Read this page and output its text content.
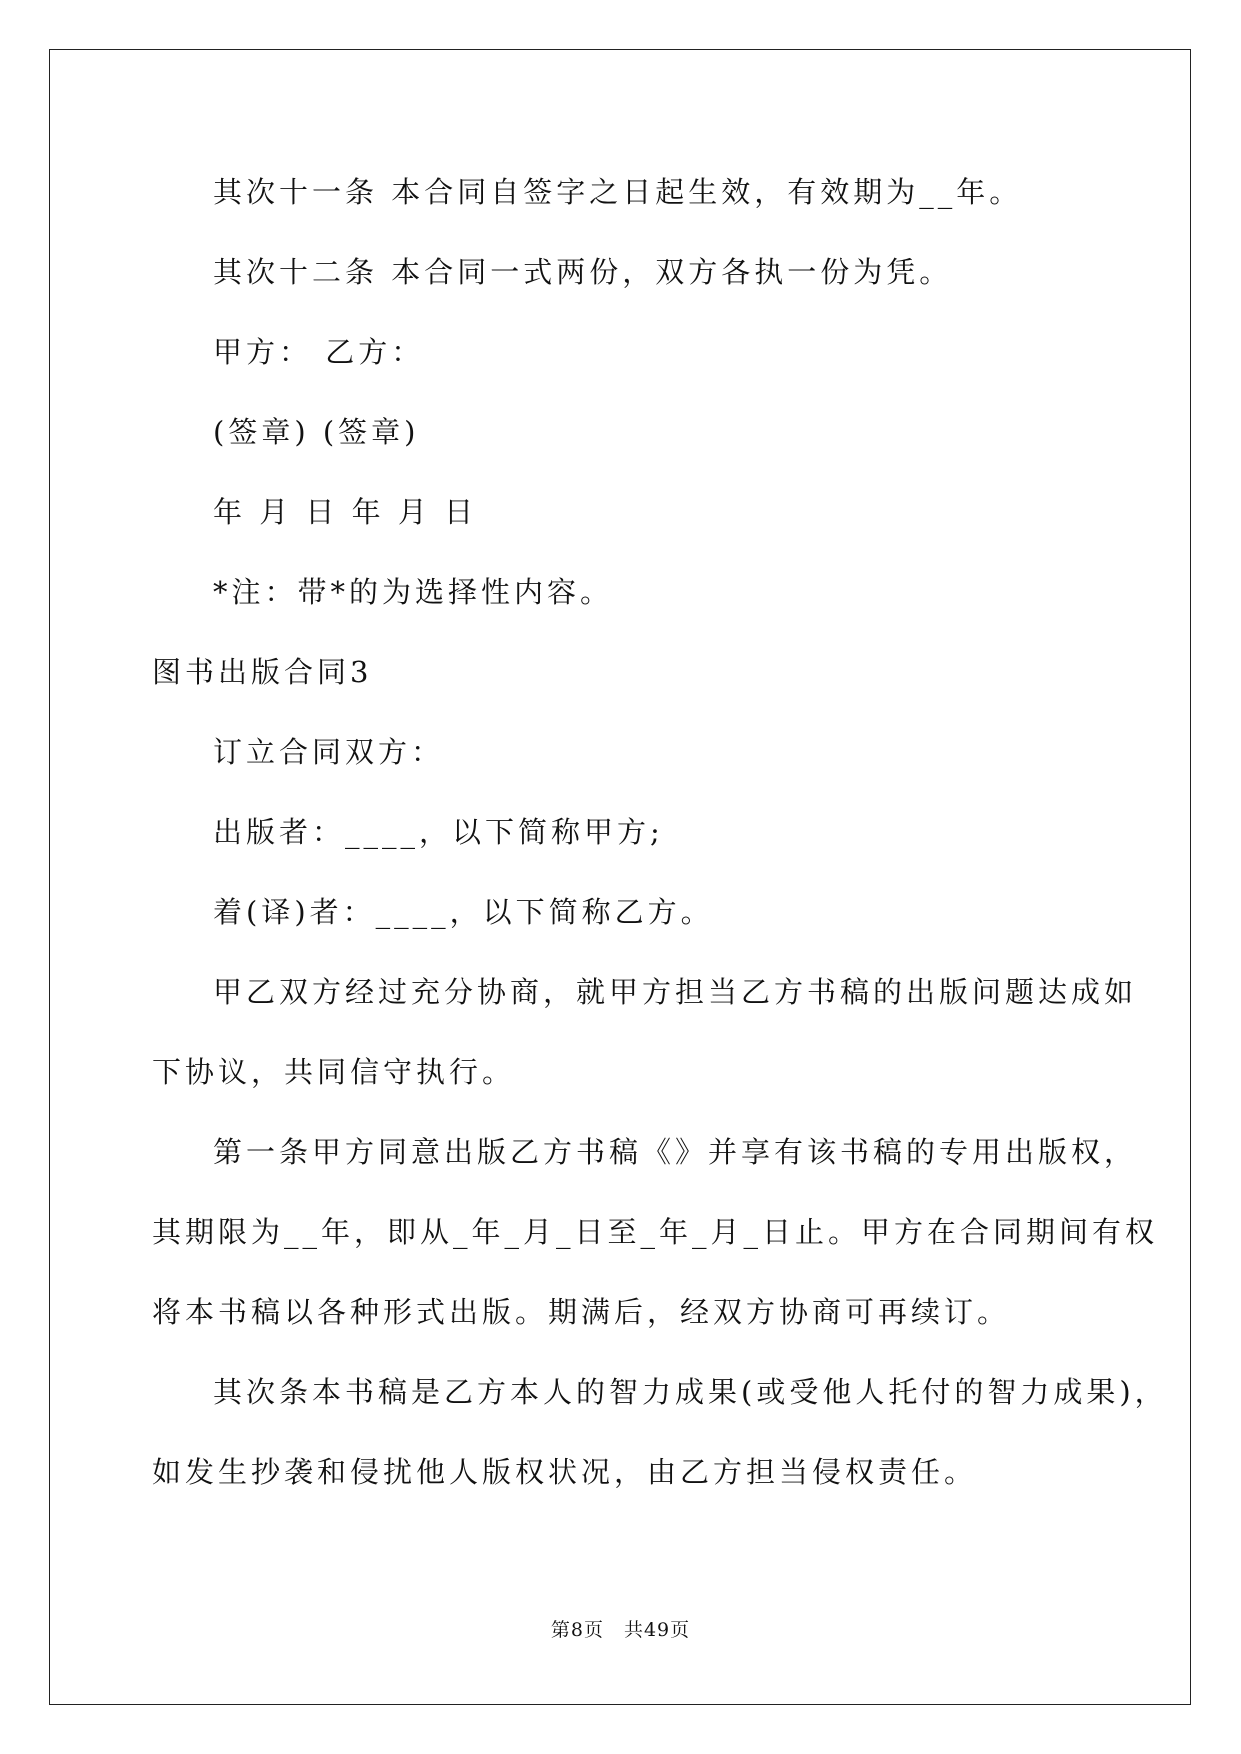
其次十一条 本合同自签字之日起生效，有效期为__年。
其次十二条 本合同一式两份，双方各执一份为凭。
甲方： 乙方：
(签章) (签章)
年 月 日 年 月 日
*注：带*的为选择性内容。
图书出版合同3
订立合同双方：
出版者：____，以下简称甲方;
着(译)者：____，以下简称乙方。
甲乙双方经过充分协商，就甲方担当乙方书稿的出版问题达成如
下协议，共同信守执行。
第一条甲方同意出版乙方书稿《》并享有该书稿的专用出版权，
其期限为__年，即从_年_月_日至_年_月_日止。甲方在合同期间有权
将本书稿以各种形式出版。期满后，经双方协商可再续订。
其次条本书稿是乙方本人的智力成果(或受他人托付的智力成果)，
如发生抄袭和侵扰他人版权状况，由乙方担当侵权责任。
第8页　共49页
